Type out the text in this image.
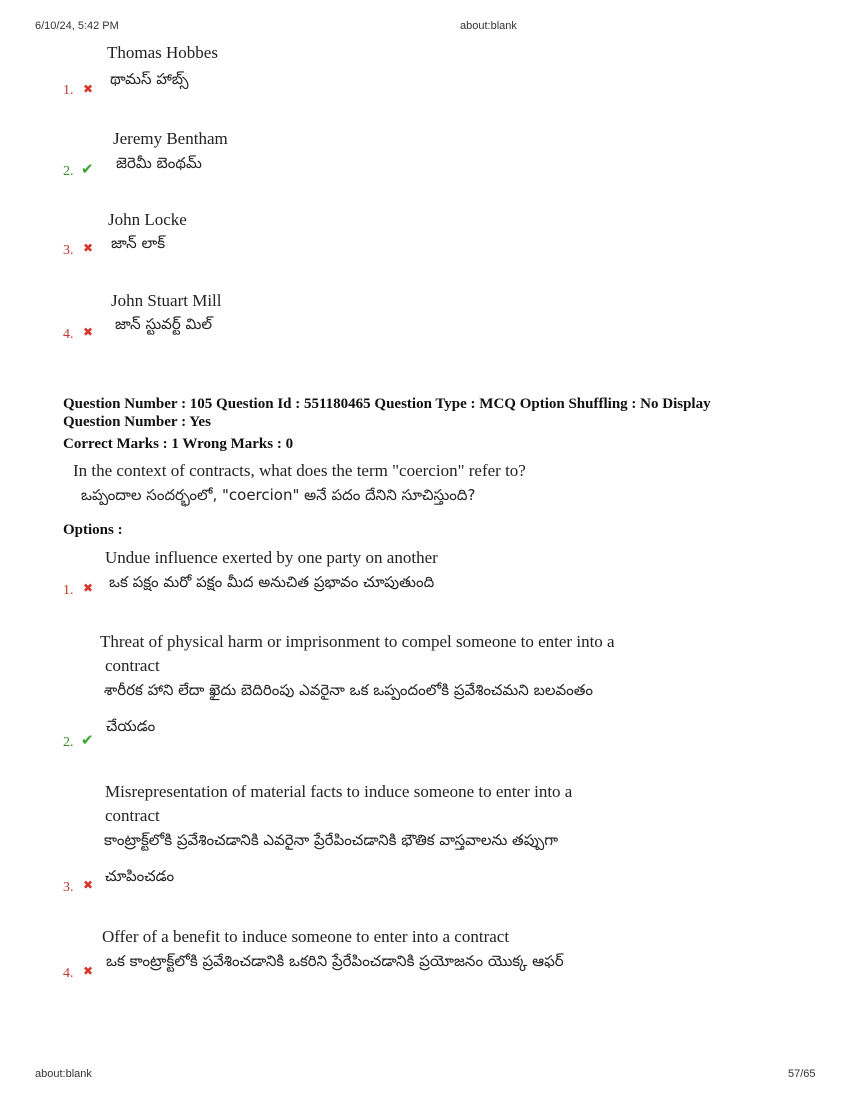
6/10/24, 5:42 PM	about:blank
Thomas Hobbes
థామస్ హాబ్స్
1. ✖
Jeremy Bentham
జెరెమీ బెంథమ్
2. ✔
John Locke
జాన్ లాక్
3. ✖
John Stuart Mill
జాన్ స్టువర్ట్ మిల్
4. ✖
Question Number : 105 Question Id : 551180465 Question Type : MCQ Option Shuffling : No Display
Question Number : Yes
Correct Marks : 1 Wrong Marks : 0
In the context of contracts, what does the term "coercion" refer to?
ఒప్పందాల సందర్భంలో, "coercion" అనే పదం దేనిని సూచిస్తుంది?
Options :
Undue influence exerted by one party on another
ఒక పక్షం మరో పక్షం మీద అనుచిత ప్రభావం చూపుతుంది
1. ✖
Threat of physical harm or imprisonment to compel someone to enter into a
contract
శారీరక హాని లేదా ఖైదు బెదిరింపు ఎవరైనా ఒక ఒప్పందంలోకి ప్రవేశించమని బలవంతం
చేయడం
2. ✔
Misrepresentation of material facts to induce someone to enter into a
contract
కాంట్రాక్ట్‌లోకి ప్రవేశించడానికి ఎవరైనా ప్రేరేపించడానికి భౌతిక వాస్తవాలను తప్పుగా
చూపించడం
3. ✖
Offer of a benefit to induce someone to enter into a contract
ఒక కాంట్రాక్ట్‌లోకి ప్రవేశించడానికి ఒకరిని ప్రేరేపించడానికి ప్రయోజనం యొక్క ఆఫర్
4. ✖
about:blank	57/65
